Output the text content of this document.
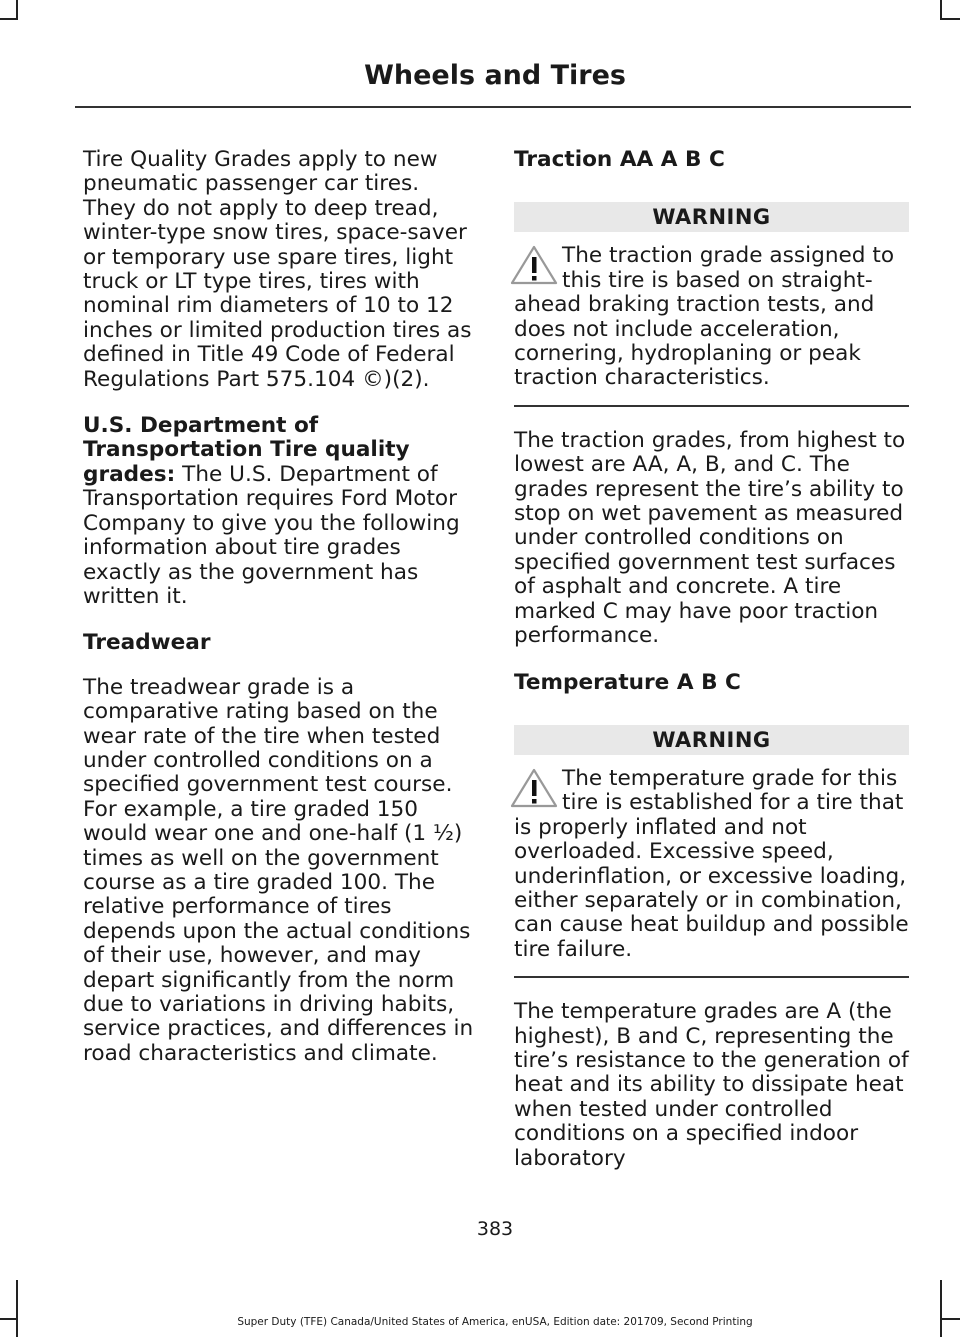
Wheels and Tires

Tire Quality Grades apply to new pneumatic passenger car tires. They do not apply to deep tread, winter-type snow tires, space-saver or temporary use spare tires, light truck or LT type tires, tires with nominal rim diameters of 10 to 12 inches or limited production tires as defined in Title 49 Code of Federal Regulations Part 575.104 ©)(2).

U.S. Department of Transportation Tire quality grades: The U.S. Department of Transportation requires Ford Motor Company to give you the following information about tire grades exactly as the government has written it.

Treadwear

The treadwear grade is a comparative rating based on the wear rate of the tire when tested under controlled conditions on a specified government test course. For example, a tire graded 150 would wear one and one-half (1 ½) times as well on the government course as a tire graded 100. The relative performance of tires depends upon the actual conditions of their use, however, and may depart significantly from the norm due to variations in driving habits, service practices, and differences in road characteristics and climate.

Traction AA A B C
WARNING

The traction grade assigned to this tire is based on straight-ahead braking traction tests, and does not include acceleration, cornering, hydroplaning or peak traction characteristics.

The traction grades, from highest to lowest are AA, A, B, and C. The grades represent the tire’s ability to stop on wet pavement as measured under controlled conditions on specified government test surfaces of asphalt and concrete. A tire marked C may have poor traction performance.

Temperature A B C
WARNING

The temperature grade for this tire is established for a tire that is properly inflated and not overloaded. Excessive speed, underinflation, or excessive loading, either separately or in combination, can cause heat buildup and possible tire failure.

The temperature grades are A (the highest), B and C, representing the tire’s resistance to the generation of heat and its ability to dissipate heat when tested under controlled conditions on a specified indoor laboratory

383
Super Duty (TFE) Canada/United States of America, enUSA, Edition date: 201709, Second Printing
